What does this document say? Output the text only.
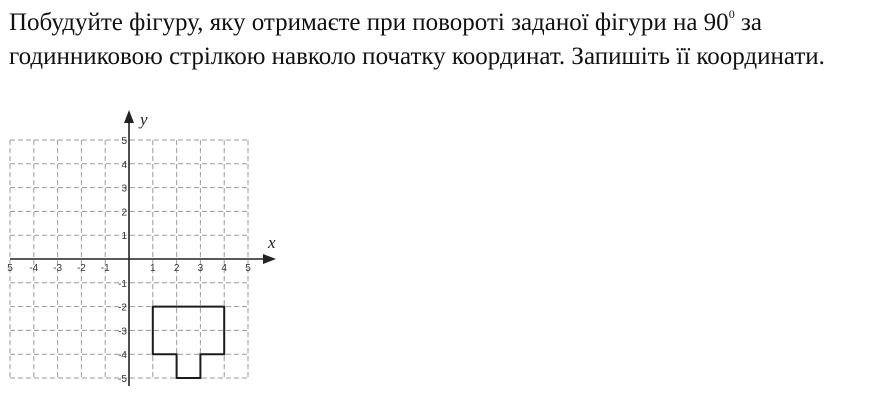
Побудуйте фігуру, яку отримаєте при повороті заданої фігури на $90^0$ за годинниковою стрілкою навколо початку координат. Запишіть її координати.

5 -4 -3 -2 -1	1 2 3 4 5
5
4
3
2
1
-1
-2
-3
-4
-5
x
y
